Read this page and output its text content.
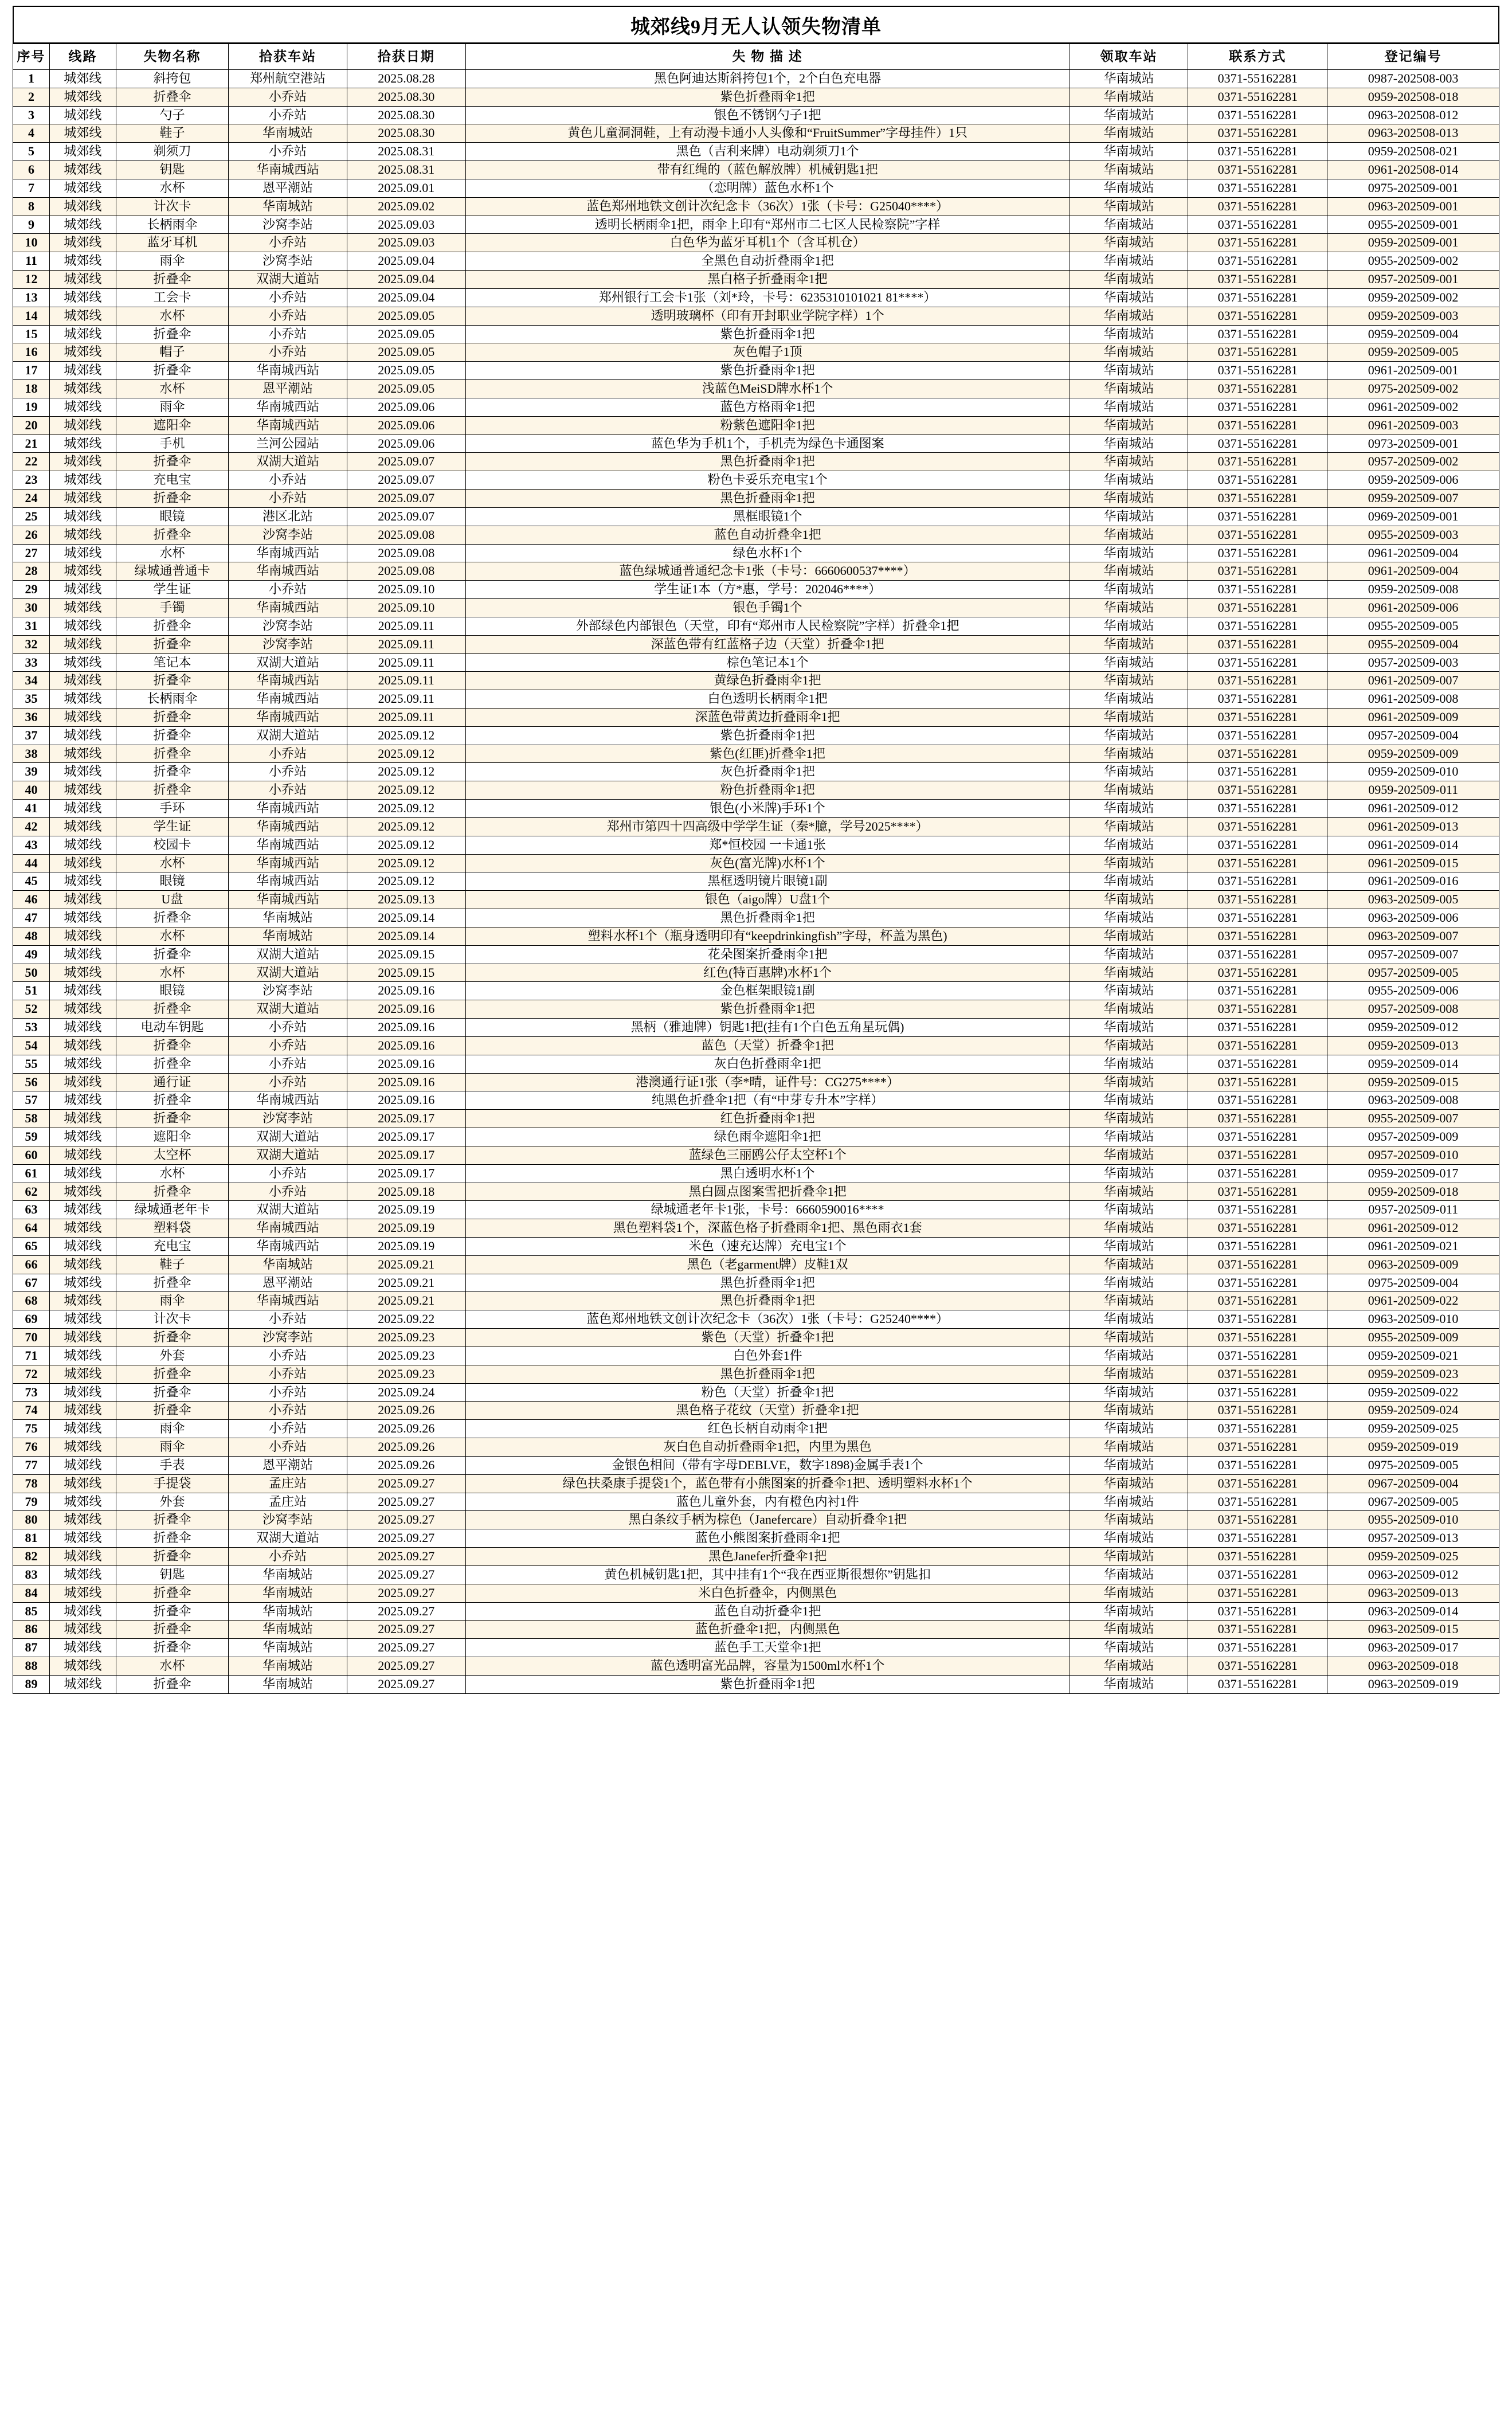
城郊线9月无人认领失物清单
序号	线路	失物名称	拾获车站	拾获日期	失 物 描 述	领取车站	联系方式	登记编号
1	城郊线	斜挎包	郑州航空港站	2025.08.28	黑色阿迪达斯斜挎包1个，2个白色充电器	华南城站	0371-55162281	0987-202508-003
2	城郊线	折叠伞	小乔站	2025.08.30	紫色折叠雨伞1把	华南城站	0371-55162281	0959-202508-018
3	城郊线	勺子	小乔站	2025.08.30	银色不锈钢勺子1把	华南城站	0371-55162281	0963-202508-012
4	城郊线	鞋子	华南城站	2025.08.30	黄色儿童洞洞鞋，上有动漫卡通小人头像和“FruitSummer”字母挂件）1只	华南城站	0371-55162281	0963-202508-013
5	城郊线	剃须刀	小乔站	2025.08.31	黑色（吉利来牌）电动剃须刀1个	华南城站	0371-55162281	0959-202508-021
6	城郊线	钥匙	华南城西站	2025.08.31	带有红绳的（蓝色解放牌）机械钥匙1把	华南城站	0371-55162281	0961-202508-014
7	城郊线	水杯	恩平潮站	2025.09.01	（恋明牌）蓝色水杯1个	华南城站	0371-55162281	0975-202509-001
8	城郊线	计次卡	华南城站	2025.09.02	蓝色郑州地铁文创计次纪念卡（36次）1张（卡号：G25040****）	华南城站	0371-55162281	0963-202509-001
9	城郊线	长柄雨伞	沙窝李站	2025.09.03	透明长柄雨伞1把，雨伞上印有“郑州市二七区人民检察院”字样	华南城站	0371-55162281	0955-202509-001
10	城郊线	蓝牙耳机	小乔站	2025.09.03	白色华为蓝牙耳机1个（含耳机仓）	华南城站	0371-55162281	0959-202509-001
11	城郊线	雨伞	沙窝李站	2025.09.04	全黑色自动折叠雨伞1把	华南城站	0371-55162281	0955-202509-002
12	城郊线	折叠伞	双湖大道站	2025.09.04	黑白格子折叠雨伞1把	华南城站	0371-55162281	0957-202509-001
13	城郊线	工会卡	小乔站	2025.09.04	郑州银行工会卡1张（刘*玲，卡号：6235310101021 81****）	华南城站	0371-55162281	0959-202509-002
14	城郊线	水杯	小乔站	2025.09.05	透明玻璃杯（印有开封职业学院字样）1个	华南城站	0371-55162281	0959-202509-003
15	城郊线	折叠伞	小乔站	2025.09.05	紫色折叠雨伞1把	华南城站	0371-55162281	0959-202509-004
16	城郊线	帽子	小乔站	2025.09.05	灰色帽子1顶	华南城站	0371-55162281	0959-202509-005
17	城郊线	折叠伞	华南城西站	2025.09.05	紫色折叠雨伞1把	华南城站	0371-55162281	0961-202509-001
18	城郊线	水杯	恩平潮站	2025.09.05	浅蓝色MeiSD牌水杯1个	华南城站	0371-55162281	0975-202509-002
19	城郊线	雨伞	华南城西站	2025.09.06	蓝色方格雨伞1把	华南城站	0371-55162281	0961-202509-002
20	城郊线	遮阳伞	华南城西站	2025.09.06	粉紫色遮阳伞1把	华南城站	0371-55162281	0961-202509-003
21	城郊线	手机	兰河公园站	2025.09.06	蓝色华为手机1个，手机壳为绿色卡通图案	华南城站	0371-55162281	0973-202509-001
22	城郊线	折叠伞	双湖大道站	2025.09.07	黑色折叠雨伞1把	华南城站	0371-55162281	0957-202509-002
23	城郊线	充电宝	小乔站	2025.09.07	粉色卡妥乐充电宝1个	华南城站	0371-55162281	0959-202509-006
24	城郊线	折叠伞	小乔站	2025.09.07	黑色折叠雨伞1把	华南城站	0371-55162281	0959-202509-007
25	城郊线	眼镜	港区北站	2025.09.07	黑框眼镜1个	华南城站	0371-55162281	0969-202509-001
26	城郊线	折叠伞	沙窝李站	2025.09.08	蓝色自动折叠伞1把	华南城站	0371-55162281	0955-202509-003
27	城郊线	水杯	华南城西站	2025.09.08	绿色水杯1个	华南城站	0371-55162281	0961-202509-004
28	城郊线	绿城通普通卡	华南城西站	2025.09.08	蓝色绿城通普通纪念卡1张（卡号：6660600537****）	华南城站	0371-55162281	0961-202509-004
29	城郊线	学生证	小乔站	2025.09.10	学生证1本（方*惠，学号：202046****）	华南城站	0371-55162281	0959-202509-008
30	城郊线	手镯	华南城西站	2025.09.10	银色手镯1个	华南城站	0371-55162281	0961-202509-006
31	城郊线	折叠伞	沙窝李站	2025.09.11	外部绿色内部银色（天堂，印有“郑州市人民检察院”字样）折叠伞1把	华南城站	0371-55162281	0955-202509-005
32	城郊线	折叠伞	沙窝李站	2025.09.11	深蓝色带有红蓝格子边（天堂）折叠伞1把	华南城站	0371-55162281	0955-202509-004
33	城郊线	笔记本	双湖大道站	2025.09.11	棕色笔记本1个	华南城站	0371-55162281	0957-202509-003
34	城郊线	折叠伞	华南城西站	2025.09.11	黄绿色折叠雨伞1把	华南城站	0371-55162281	0961-202509-007
35	城郊线	长柄雨伞	华南城西站	2025.09.11	白色透明长柄雨伞1把	华南城站	0371-55162281	0961-202509-008
36	城郊线	折叠伞	华南城西站	2025.09.11	深蓝色带黄边折叠雨伞1把	华南城站	0371-55162281	0961-202509-009
37	城郊线	折叠伞	双湖大道站	2025.09.12	紫色折叠雨伞1把	华南城站	0371-55162281	0957-202509-004
38	城郊线	折叠伞	小乔站	2025.09.12	紫色(红匪)折叠伞1把	华南城站	0371-55162281	0959-202509-009
39	城郊线	折叠伞	小乔站	2025.09.12	灰色折叠雨伞1把	华南城站	0371-55162281	0959-202509-010
40	城郊线	折叠伞	小乔站	2025.09.12	粉色折叠雨伞1把	华南城站	0371-55162281	0959-202509-011
41	城郊线	手环	华南城西站	2025.09.12	银色(小米牌)手环1个	华南城站	0371-55162281	0961-202509-012
42	城郊线	学生证	华南城西站	2025.09.12	郑州市第四十四高级中学学生证（秦*臆，学号2025****）	华南城站	0371-55162281	0961-202509-013
43	城郊线	校园卡	华南城西站	2025.09.12	郑*恒校园 一卡通1张	华南城站	0371-55162281	0961-202509-014
44	城郊线	水杯	华南城西站	2025.09.12	灰色(富光牌)水杯1个	华南城站	0371-55162281	0961-202509-015
45	城郊线	眼镜	华南城西站	2025.09.12	黑框透明镜片眼镜1副	华南城站	0371-55162281	0961-202509-016
46	城郊线	U盘	华南城西站	2025.09.13	银色（aigo牌）U盘1个	华南城站	0371-55162281	0963-202509-005
47	城郊线	折叠伞	华南城站	2025.09.14	黑色折叠雨伞1把	华南城站	0371-55162281	0963-202509-006
48	城郊线	水杯	华南城站	2025.09.14	塑料水杯1个（瓶身透明印有“keepdrinkingfish”字母，杯盖为黑色)	华南城站	0371-55162281	0963-202509-007
49	城郊线	折叠伞	双湖大道站	2025.09.15	花朵图案折叠雨伞1把	华南城站	0371-55162281	0957-202509-007
50	城郊线	水杯	双湖大道站	2025.09.15	红色(特百惠牌)水杯1个	华南城站	0371-55162281	0957-202509-005
51	城郊线	眼镜	沙窝李站	2025.09.16	金色框架眼镜1副	华南城站	0371-55162281	0955-202509-006
52	城郊线	折叠伞	双湖大道站	2025.09.16	紫色折叠雨伞1把	华南城站	0371-55162281	0957-202509-008
53	城郊线	电动车钥匙	小乔站	2025.09.16	黑柄（雅迪牌）钥匙1把(挂有1个白色五角星玩偶)	华南城站	0371-55162281	0959-202509-012
54	城郊线	折叠伞	小乔站	2025.09.16	蓝色（天堂）折叠伞1把	华南城站	0371-55162281	0959-202509-013
55	城郊线	折叠伞	小乔站	2025.09.16	灰白色折叠雨伞1把	华南城站	0371-55162281	0959-202509-014
56	城郊线	通行证	小乔站	2025.09.16	港澳通行证1张（李*晴，证件号：CG275****）	华南城站	0371-55162281	0959-202509-015
57	城郊线	折叠伞	华南城西站	2025.09.16	纯黑色折叠伞1把（有“中芽专升本”字样）	华南城站	0371-55162281	0963-202509-008
58	城郊线	折叠伞	沙窝李站	2025.09.17	红色折叠雨伞1把	华南城站	0371-55162281	0955-202509-007
59	城郊线	遮阳伞	双湖大道站	2025.09.17	绿色雨伞遮阳伞1把	华南城站	0371-55162281	0957-202509-009
60	城郊线	太空杯	双湖大道站	2025.09.17	蓝绿色三丽鸥公仔太空杯1个	华南城站	0371-55162281	0957-202509-010
61	城郊线	水杯	小乔站	2025.09.17	黑白透明水杯1个	华南城站	0371-55162281	0959-202509-017
62	城郊线	折叠伞	小乔站	2025.09.18	黑白圆点图案雪把折叠伞1把	华南城站	0371-55162281	0959-202509-018
63	城郊线	绿城通老年卡	双湖大道站	2025.09.19	绿城通老年卡1张，卡号：6660590016****	华南城站	0371-55162281	0957-202509-011
64	城郊线	塑料袋	华南城西站	2025.09.19	黑色塑料袋1个，深蓝色格子折叠雨伞1把、黑色雨衣1套	华南城站	0371-55162281	0961-202509-012
65	城郊线	充电宝	华南城西站	2025.09.19	米色（速充达牌）充电宝1个	华南城站	0371-55162281	0961-202509-021
66	城郊线	鞋子	华南城站	2025.09.21	黑色（老garment牌）皮鞋1双	华南城站	0371-55162281	0963-202509-009
67	城郊线	折叠伞	恩平潮站	2025.09.21	黑色折叠雨伞1把	华南城站	0371-55162281	0975-202509-004
68	城郊线	雨伞	华南城西站	2025.09.21	黑色折叠雨伞1把	华南城站	0371-55162281	0961-202509-022
69	城郊线	计次卡	小乔站	2025.09.22	蓝色郑州地铁文创计次纪念卡（36次）1张（卡号：G25240****）	华南城站	0371-55162281	0963-202509-010
70	城郊线	折叠伞	沙窝李站	2025.09.23	紫色（天堂）折叠伞1把	华南城站	0371-55162281	0955-202509-009
71	城郊线	外套	小乔站	2025.09.23	白色外套1件	华南城站	0371-55162281	0959-202509-021
72	城郊线	折叠伞	小乔站	2025.09.23	黑色折叠雨伞1把	华南城站	0371-55162281	0959-202509-023
73	城郊线	折叠伞	小乔站	2025.09.24	粉色（天堂）折叠伞1把	华南城站	0371-55162281	0959-202509-022
74	城郊线	折叠伞	小乔站	2025.09.26	黑色格子花纹（天堂）折叠伞1把	华南城站	0371-55162281	0959-202509-024
75	城郊线	雨伞	小乔站	2025.09.26	红色长柄自动雨伞1把	华南城站	0371-55162281	0959-202509-025
76	城郊线	雨伞	小乔站	2025.09.26	灰白色自动折叠雨伞1把，内里为黑色	华南城站	0371-55162281	0959-202509-019
77	城郊线	手表	恩平潮站	2025.09.26	金银色相间（带有字母DEBLVE，数字1898)金属手表1个	华南城站	0371-55162281	0975-202509-005
78	城郊线	手提袋	孟庄站	2025.09.27	绿色扶桑康手提袋1个，蓝色带有小熊图案的折叠伞1把、透明塑料水杯1个	华南城站	0371-55162281	0967-202509-004
79	城郊线	外套	孟庄站	2025.09.27	蓝色儿童外套，内有橙色内衬1件	华南城站	0371-55162281	0967-202509-005
80	城郊线	折叠伞	沙窝李站	2025.09.27	黑白条纹手柄为棕色（Janefercare）自动折叠伞1把	华南城站	0371-55162281	0955-202509-010
81	城郊线	折叠伞	双湖大道站	2025.09.27	蓝色小熊图案折叠雨伞1把	华南城站	0371-55162281	0957-202509-013
82	城郊线	折叠伞	小乔站	2025.09.27	黑色Janefer折叠伞1把	华南城站	0371-55162281	0959-202509-025
83	城郊线	钥匙	华南城站	2025.09.27	黄色机械钥匙1把，其中挂有1个“我在西亚斯很想你”钥匙扣	华南城站	0371-55162281	0963-202509-012
84	城郊线	折叠伞	华南城站	2025.09.27	米白色折叠伞，内侧黑色	华南城站	0371-55162281	0963-202509-013
85	城郊线	折叠伞	华南城站	2025.09.27	蓝色自动折叠伞1把	华南城站	0371-55162281	0963-202509-014
86	城郊线	折叠伞	华南城站	2025.09.27	蓝色折叠伞1把，内侧黑色	华南城站	0371-55162281	0963-202509-015
87	城郊线	折叠伞	华南城站	2025.09.27	蓝色手工天堂伞1把	华南城站	0371-55162281	0963-202509-017
88	城郊线	水杯	华南城站	2025.09.27	蓝色透明富光品牌，容量为1500ml水杯1个	华南城站	0371-55162281	0963-202509-018
89	城郊线	折叠伞	华南城站	2025.09.27	紫色折叠雨伞1把	华南城站	0371-55162281	0963-202509-019
